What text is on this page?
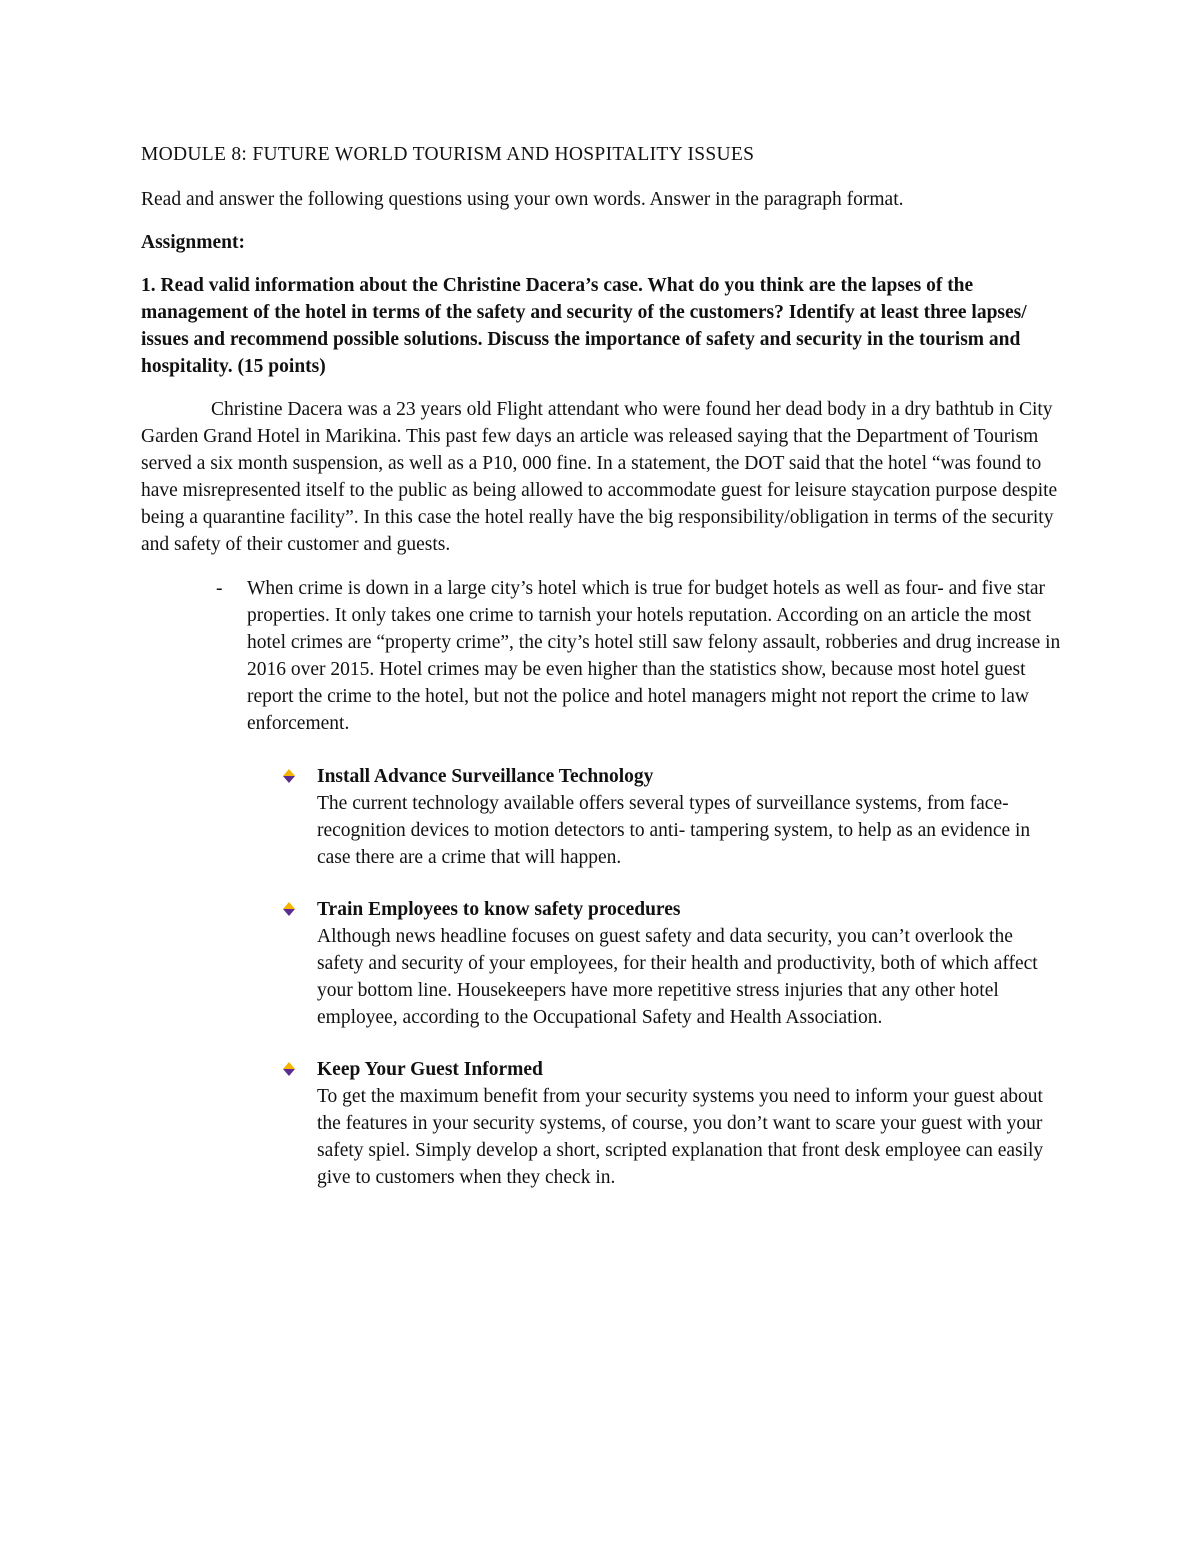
MODULE 8: FUTURE WORLD TOURISM AND HOSPITALITY ISSUES

Read and answer the following questions using your own words. Answer in the paragraph format.

Assignment:

1. Read valid information about the Christine Dacera’s case. What do you think are the lapses of the management of the hotel in terms of the safety and security of the customers? Identify at least three lapses/ issues and recommend possible solutions. Discuss the importance of safety and security in the tourism and hospitality. (15 points)

Christine Dacera was a 23 years old Flight attendant who were found her dead body in a dry bathtub in City Garden Grand Hotel in Marikina. This past few days an article was released saying that the Department of Tourism served a six month suspension, as well as a P10, 000 fine. In a statement, the DOT said that the hotel “was found to have misrepresented itself to the public as being allowed to accommodate guest for leisure staycation purpose despite being a quarantine facility”. In this case the hotel really have the big responsibility/obligation in terms of the security and safety of their customer and guests.

- When crime is down in a large city’s hotel which is true for budget hotels as well as four- and five star properties. It only takes one crime to tarnish your hotels reputation. According on an article the most hotel crimes are “property crime”, the city’s hotel still saw felony assault, robberies and drug increase in 2016 over 2015. Hotel crimes may be even higher than the statistics show, because most hotel guest report the crime to the hotel, but not the police and hotel managers might not report the crime to law enforcement.
Install Advance Surveillance Technology
The current technology available offers several types of surveillance systems, from face- recognition devices to motion detectors to anti- tampering system, to help as an evidence in case there are a crime that will happen.
Train Employees to know safety procedures
Although news headline focuses on guest safety and data security, you can’t overlook the safety and security of your employees, for their health and productivity, both of which affect your bottom line. Housekeepers have more repetitive stress injuries that any other hotel employee, according to the Occupational Safety and Health Association.
Keep Your Guest Informed
To get the maximum benefit from your security systems you need to inform your guest about the features in your security systems, of course, you don’t want to scare your guest with your safety spiel. Simply develop a short, scripted explanation that front desk employee can easily give to customers when they check in.
